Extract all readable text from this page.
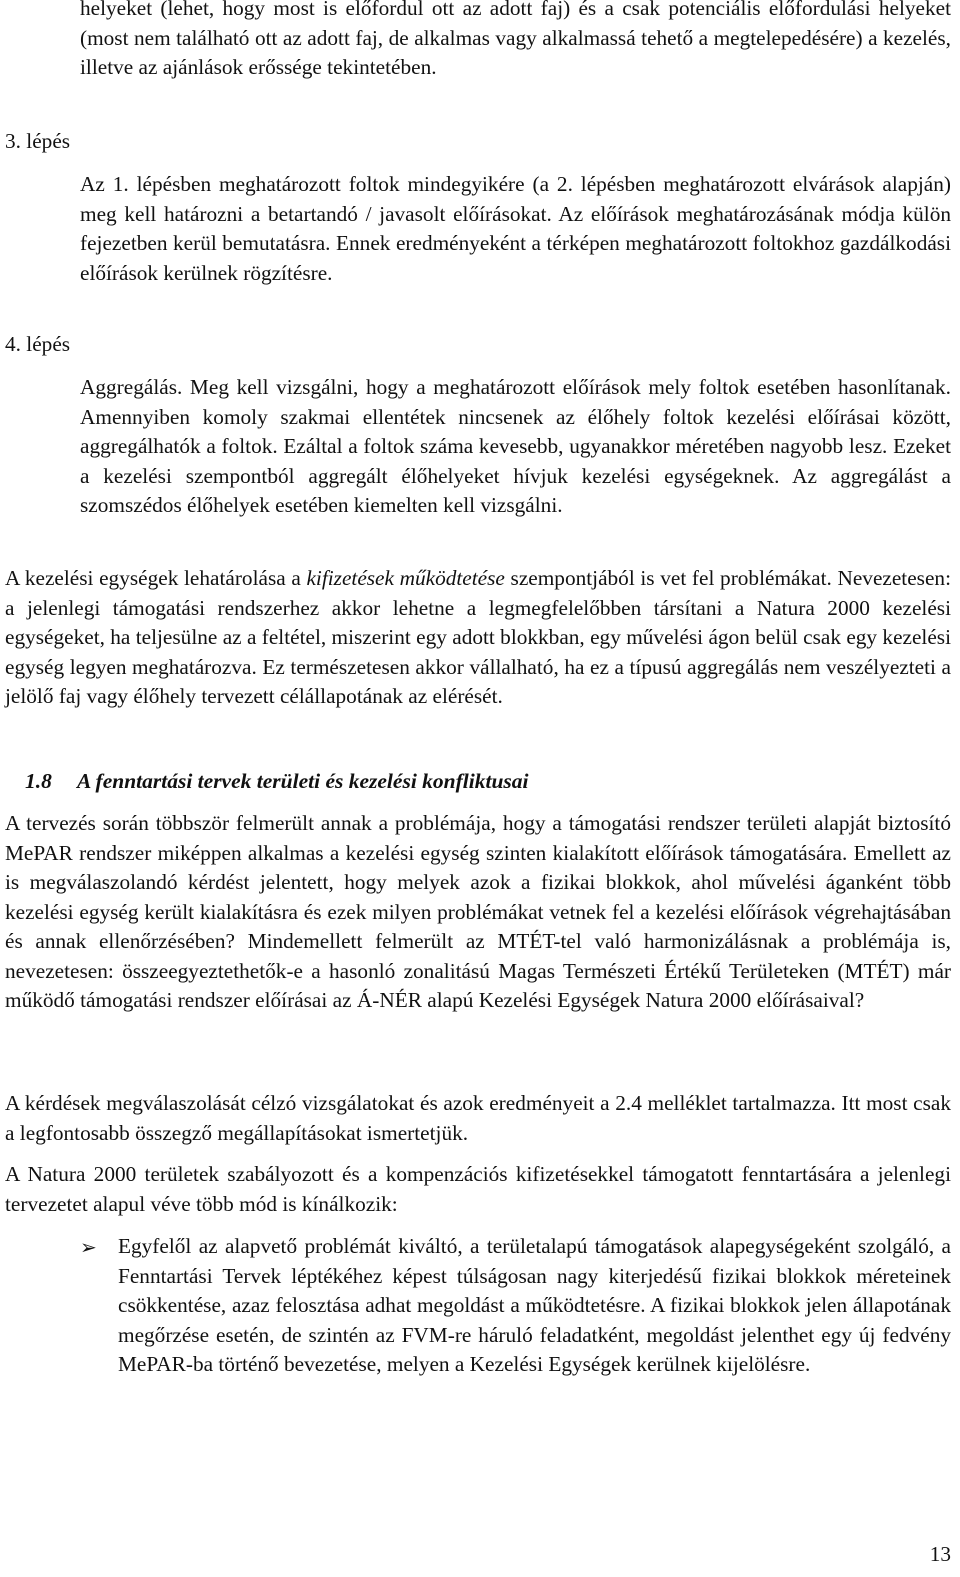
helyeket (lehet, hogy most is előfordul ott az adott faj) és a csak potenciális előfordulási helyeket (most nem található ott az adott faj, de alkalmas vagy alkalmassá tehető a megtelepedésére) a kezelés, illetve az ajánlások erőssége tekintetében.

3. lépés

Az 1. lépésben meghatározott foltok mindegyikére (a 2. lépésben meghatározott elvárások alapján) meg kell határozni a betartandó / javasolt előírásokat. Az előírások meghatározásának módja külön fejezetben kerül bemutatásra. Ennek eredményeként a térképen meghatározott foltokhoz gazdálkodási előírások kerülnek rögzítésre.

4. lépés

Aggregálás. Meg kell vizsgálni, hogy a meghatározott előírások mely foltok esetében hasonlítanak. Amennyiben komoly szakmai ellentétek nincsenek az élőhely foltok kezelési előírásai között, aggregálhatók a foltok. Ezáltal a foltok száma kevesebb, ugyanakkor méretében nagyobb lesz. Ezeket a kezelési szempontból aggregált élőhelyeket hívjuk kezelési egységeknek. Az aggregálást a szomszédos élőhelyek esetében kiemelten kell vizsgálni.

A kezelési egységek lehatárolása a kifizetések működtetése szempontjából is vet fel problémákat. Nevezetesen: a jelenlegi támogatási rendszerhez akkor lehetne a legmegfelelőbben társítani a Natura 2000 kezelési egységeket, ha teljesülne az a feltétel, miszerint egy adott blokkban, egy művelési ágon belül csak egy kezelési egység legyen meghatározva. Ez természetesen akkor vállalható, ha ez a típusú aggregálás nem veszélyezteti a jelölő faj vagy élőhely tervezett célállapotának az elérését.

1.8 A fenntartási tervek területi és kezelési konfliktusai

A tervezés során többször felmerült annak a problémája, hogy a támogatási rendszer területi alapját biztosító MePAR rendszer miképpen alkalmas a kezelési egység szinten kialakított előírások támogatására. Emellett az is megválaszolandó kérdést jelentett, hogy melyek azok a fizikai blokkok, ahol művelési áganként több kezelési egység került kialakításra és ezek milyen problémákat vetnek fel a kezelési előírások végrehajtásában és annak ellenőrzésében? Mindemellett felmerült az MTÉT-tel való harmonizálásnak a problémája is, nevezetesen: összeegyeztethetők-e a hasonló zonalitású Magas Természeti Értékű Területeken (MTÉT) már működő támogatási rendszer előírásai az Á-NÉR alapú Kezelési Egységek Natura 2000 előírásaival?

A kérdések megválaszolását célzó vizsgálatokat és azok eredményeit a 2.4 melléklet tartalmazza. Itt most csak a legfontosabb összegző megállapításokat ismertetjük.

A Natura 2000 területek szabályozott és a kompenzációs kifizetésekkel támogatott fenntartására a jelenlegi tervezetet alapul véve több mód is kínálkozik:

➢ Egyfelől az alapvető problémát kiváltó, a területalapú támogatások alapegységeként szolgáló, a Fenntartási Tervek léptékéhez képest túlságosan nagy kiterjedésű fizikai blokkok méreteinek csökkentése, azaz felosztása adhat megoldást a működtetésre. A fizikai blokkok jelen állapotának megőrzése esetén, de szintén az FVM-re háruló feladatként, megoldást jelenthet egy új fedvény MePAR-ba történő bevezetése, melyen a Kezelési Egységek kerülnek kijelölésre.

13
